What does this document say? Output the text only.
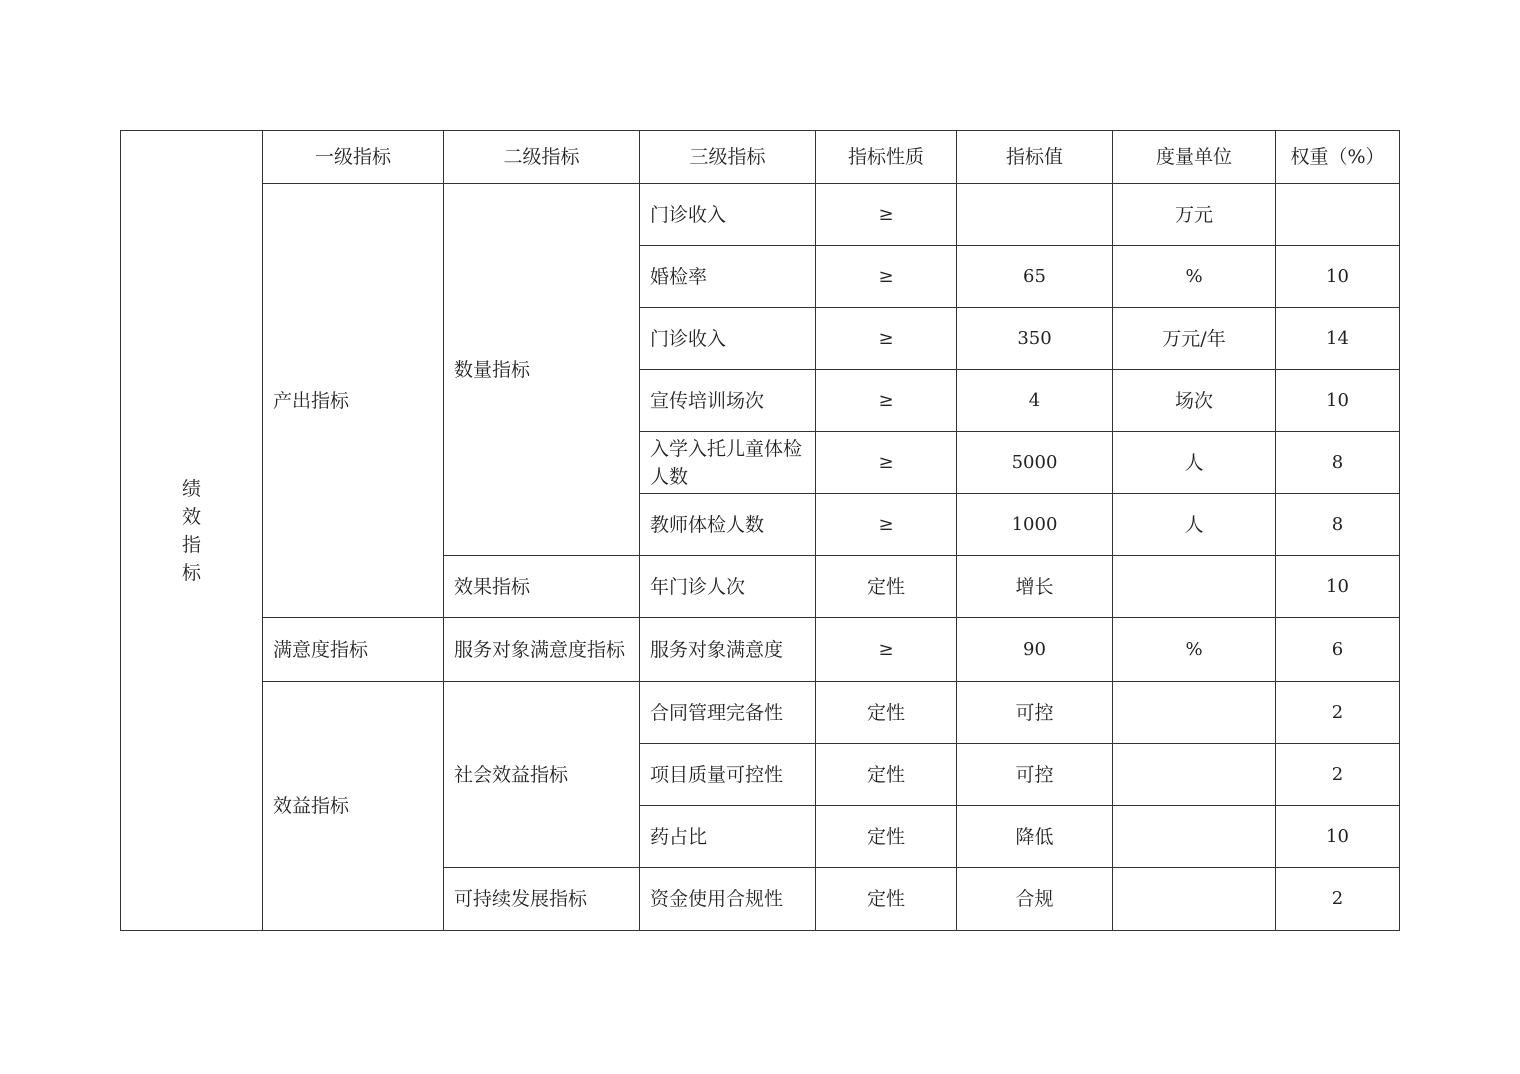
绩
效
指
标	一级指标	二级指标	三级指标	指标性质	指标值	度量单位	权重（%）
	产出指标	数量指标	门诊收入	≥		万元	
			婚检率	≥	65	%	10
			门诊收入	≥	350	万元/年	14
			宣传培训场次	≥	4	场次	10
			入学入托儿童体检人数	≥	5000	人	8
			教师体检人数	≥	1000	人	8
		效果指标	年门诊人次	定性	增长		10
	满意度指标	服务对象满意度指标	服务对象满意度	≥	90	%	6
	效益指标	社会效益指标	合同管理完备性	定性	可控		2
			项目质量可控性	定性	可控		2
			药占比	定性	降低		10
		可持续发展指标	资金使用合规性	定性	合规		2
